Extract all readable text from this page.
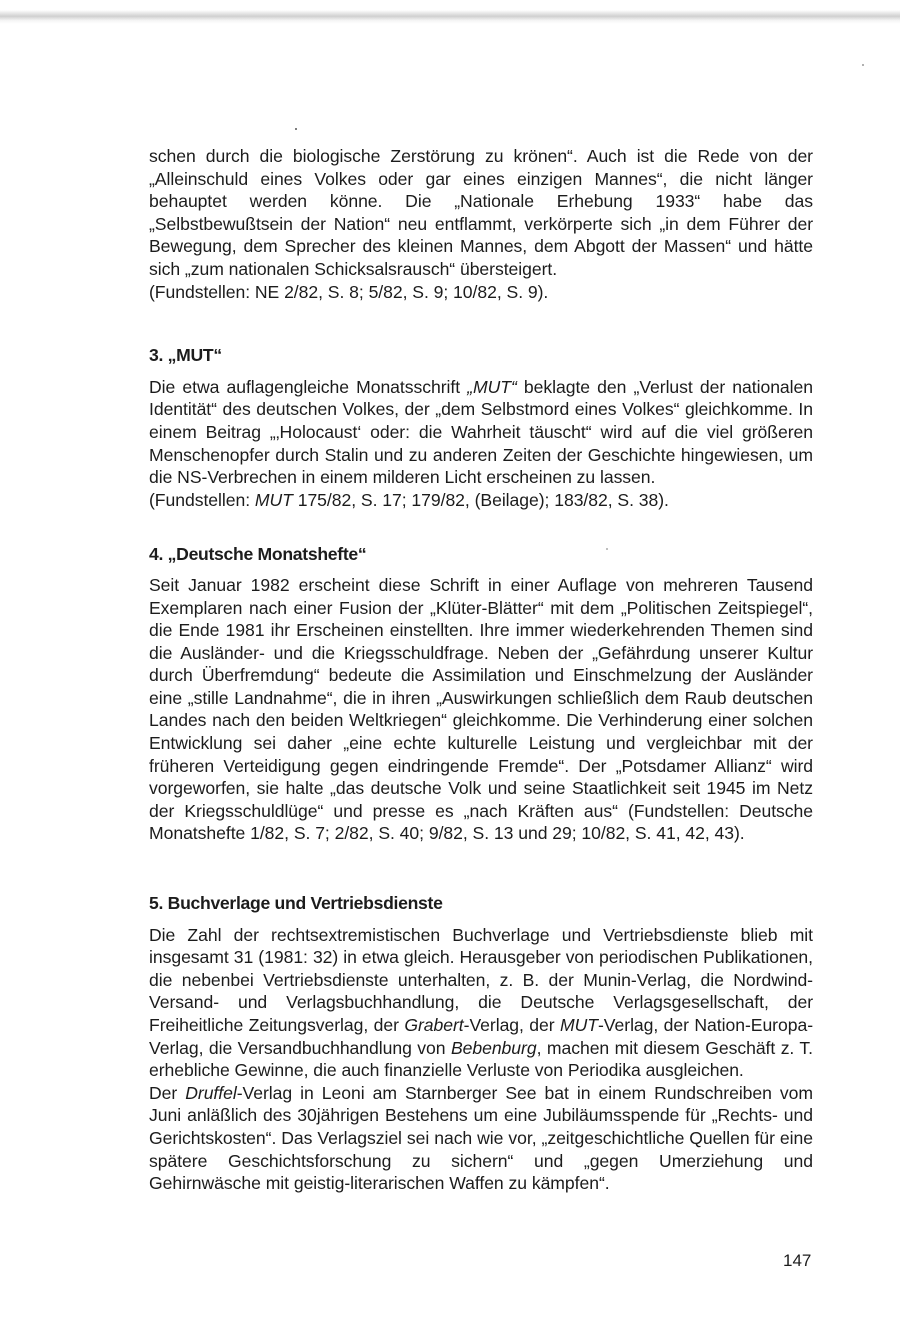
schen durch die biologische Zerstörung zu krönen“. Auch ist die Rede von der „Alleinschuld eines Volkes oder gar eines einzigen Mannes“, die nicht länger behauptet werden könne. Die „Nationale Erhebung 1933“ habe das „Selbstbewußtsein der Nation“ neu entflammt, verkörperte sich „in dem Führer der Bewegung, dem Sprecher des kleinen Mannes, dem Abgott der Massen“ und hätte sich „zum nationalen Schicksalsrausch“ übersteigert.

(Fundstellen: NE 2/82, S. 8; 5/82, S. 9; 10/82, S. 9).

3. „MUT“

Die etwa auflagengleiche Monatsschrift „MUT“ beklagte den „Verlust der nationalen Identität“ des deutschen Volkes, der „dem Selbstmord eines Volkes“ gleichkomme. In einem Beitrag „‚Holocaust‘ oder: die Wahrheit täuscht“ wird auf die viel größeren Menschenopfer durch Stalin und zu anderen Zeiten der Geschichte hingewiesen, um die NS-Verbrechen in einem milderen Licht erscheinen zu lassen.

(Fundstellen: MUT 175/82, S. 17; 179/82, (Beilage); 183/82, S. 38).

4. „Deutsche Monatshefte“

Seit Januar 1982 erscheint diese Schrift in einer Auflage von mehreren Tausend Exemplaren nach einer Fusion der „Klüter-Blätter“ mit dem „Politischen Zeitspiegel“, die Ende 1981 ihr Erscheinen einstellten. Ihre immer wiederkehrenden Themen sind die Ausländer- und die Kriegsschuldfrage. Neben der „Gefährdung unserer Kultur durch Überfremdung“ bedeute die Assimilation und Einschmelzung der Ausländer eine „stille Landnahme“, die in ihren „Auswirkungen schließlich dem Raub deutschen Landes nach den beiden Weltkriegen“ gleichkomme. Die Verhinderung einer solchen Entwicklung sei daher „eine echte kulturelle Leistung und vergleichbar mit der früheren Verteidigung gegen eindringende Fremde“. Der „Potsdamer Allianz“ wird vorgeworfen, sie halte „das deutsche Volk und seine Staatlichkeit seit 1945 im Netz der Kriegsschuldlüge“ und presse es „nach Kräften aus“ (Fundstellen: Deutsche Monatshefte 1/82, S. 7; 2/82, S. 40; 9/82, S. 13 und 29; 10/82, S. 41, 42, 43).

5. Buchverlage und Vertriebsdienste

Die Zahl der rechtsextremistischen Buchverlage und Vertriebsdienste blieb mit insgesamt 31 (1981: 32) in etwa gleich. Herausgeber von periodischen Publikationen, die nebenbei Vertriebsdienste unterhalten, z. B. der Munin-Verlag, die Nordwind-Versand- und Verlagsbuchhandlung, die Deutsche Verlagsgesellschaft, der Freiheitliche Zeitungsverlag, der Grabert-Verlag, der MUT-Verlag, der Nation-Europa-Verlag, die Versandbuchhandlung von Bebenburg, machen mit diesem Geschäft z. T. erhebliche Gewinne, die auch finanzielle Verluste von Periodika ausgleichen.

Der Druffel-Verlag in Leoni am Starnberger See bat in einem Rundschreiben vom Juni anläßlich des 30jährigen Bestehens um eine Jubiläumsspende für „Rechts- und Gerichtskosten“. Das Verlagsziel sei nach wie vor, „zeitgeschichtliche Quellen für eine spätere Geschichtsforschung zu sichern“ und „gegen Umerziehung und Gehirnwäsche mit geistig-literarischen Waffen zu kämpfen“.

147
